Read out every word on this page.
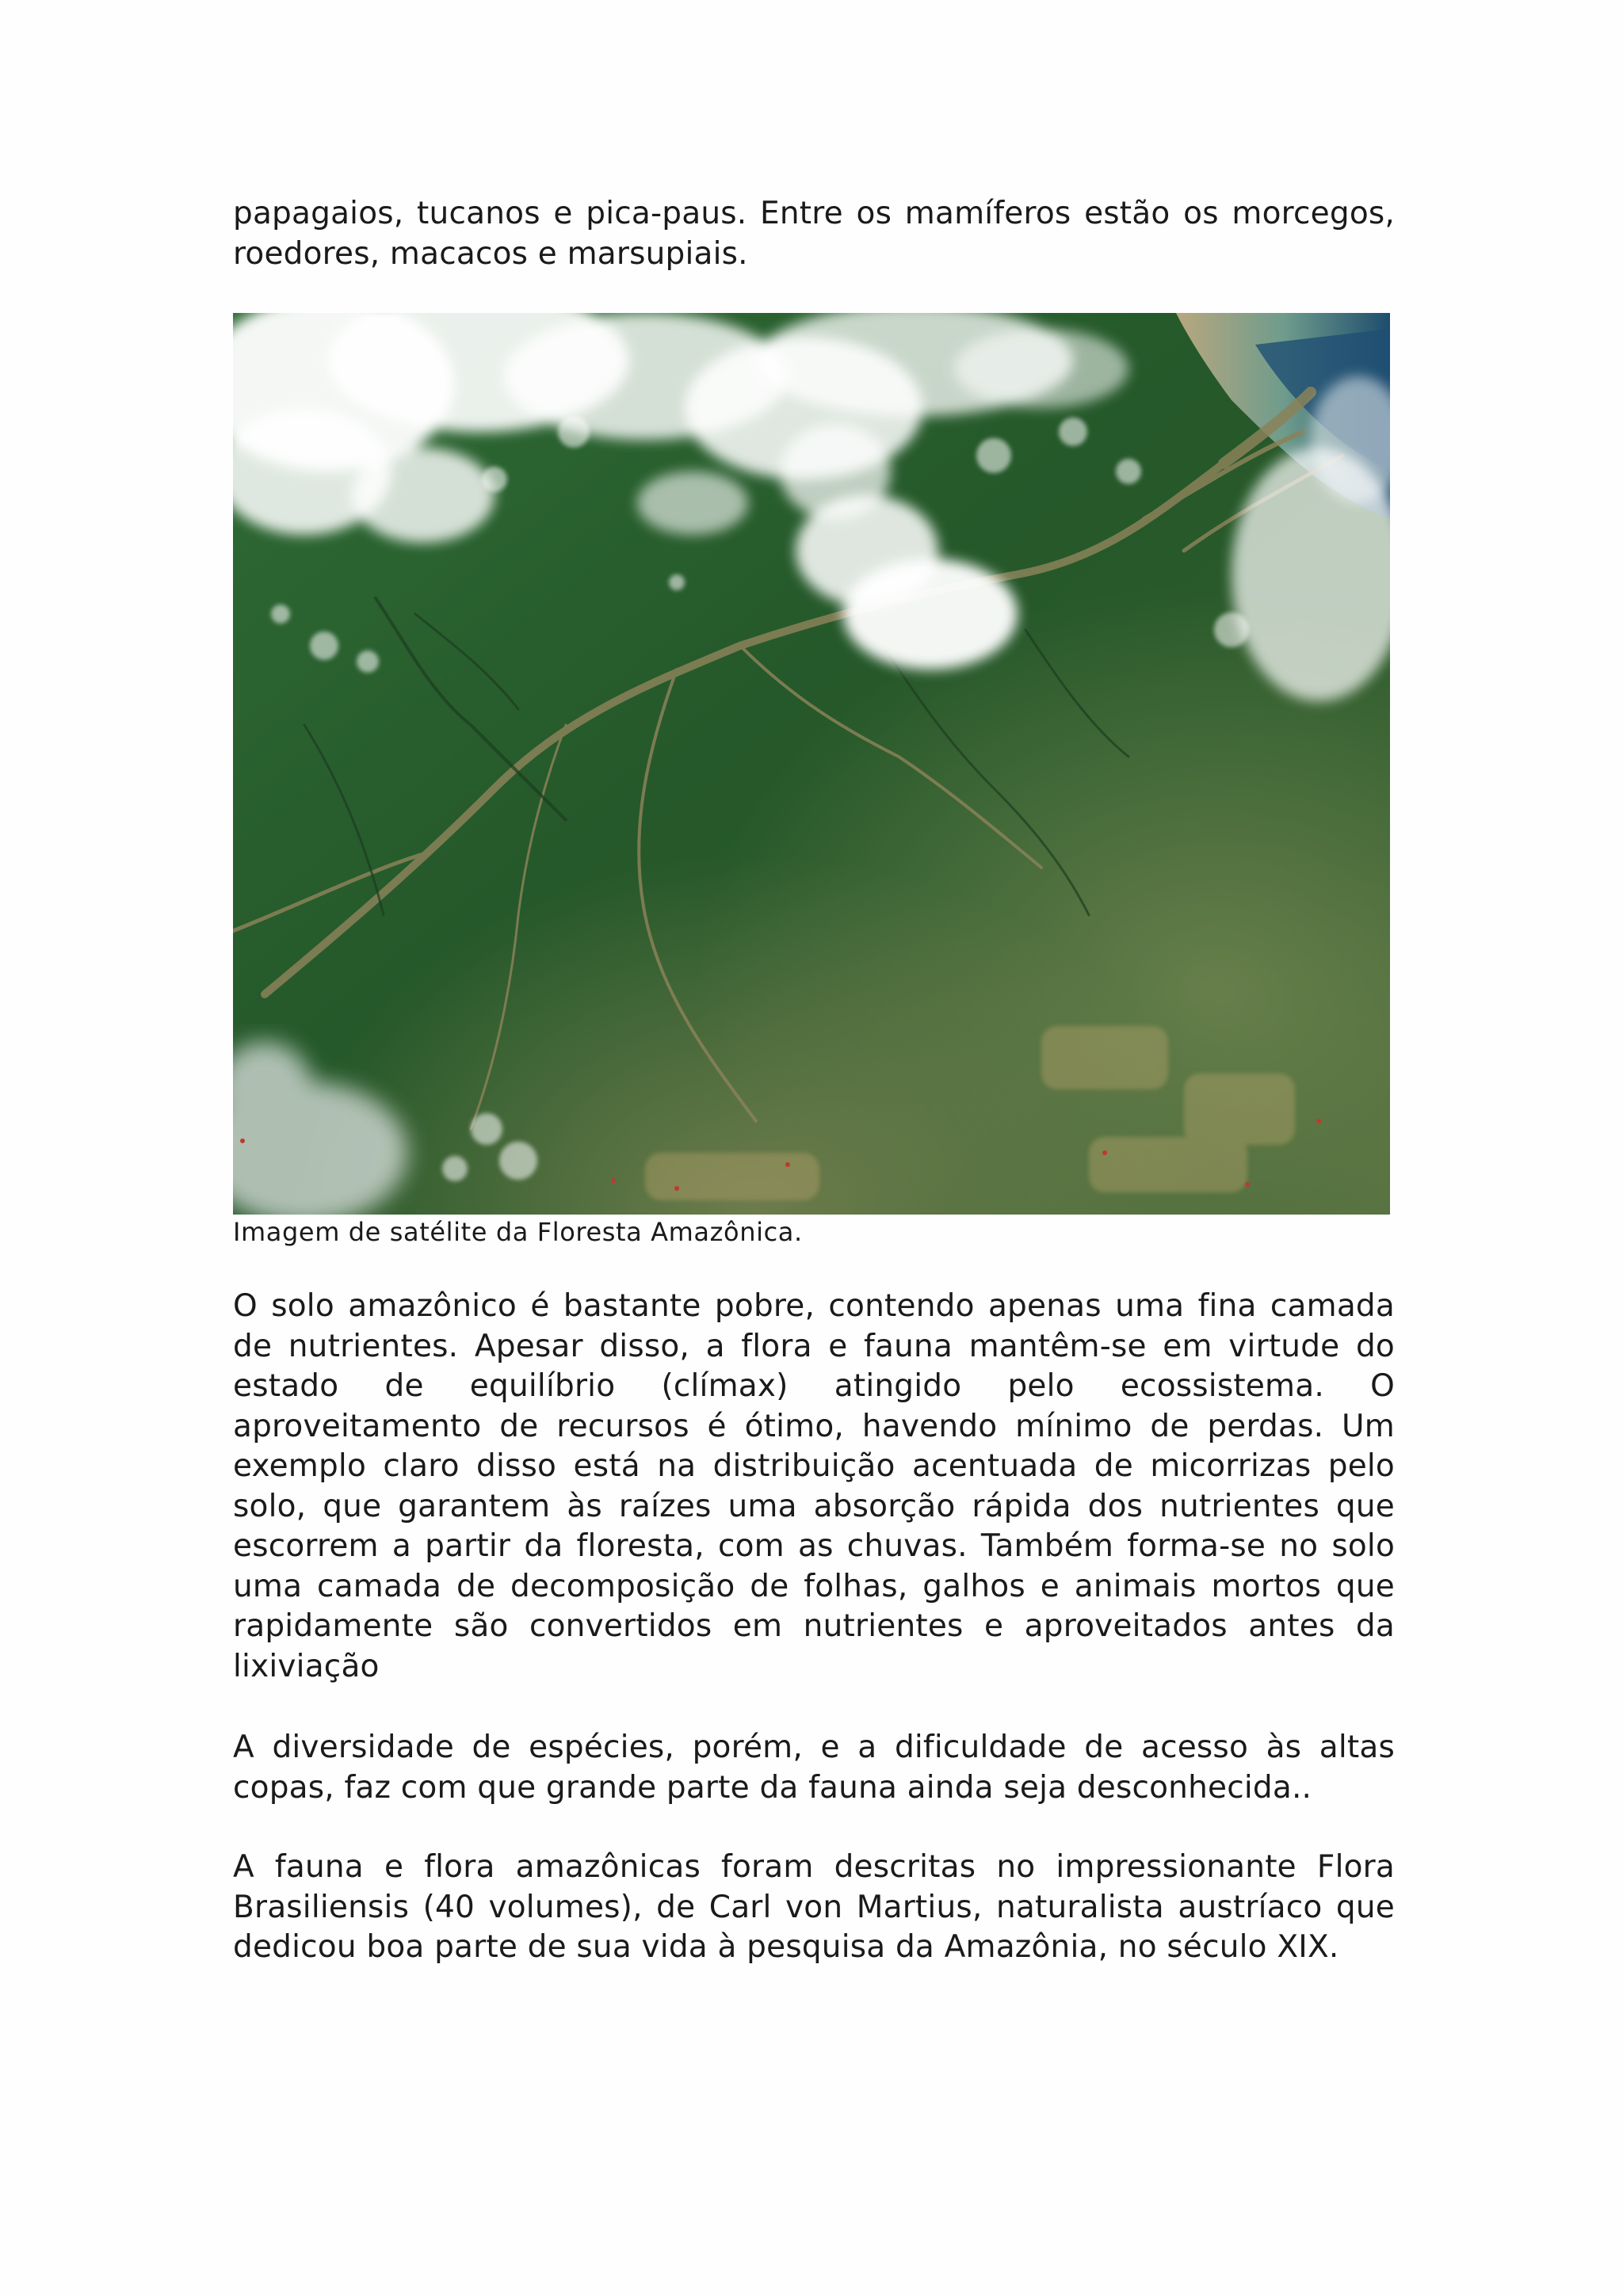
papagaios, tucanos e pica-paus. Entre os mamíferos estão os morcegos, roedores, macacos e marsupiais.

Imagem de satélite da Floresta Amazônica.

O solo amazônico é bastante pobre, contendo apenas uma fina camada de nutrientes. Apesar disso, a flora e fauna mantêm-se em virtude do estado de equilíbrio (clímax) atingido pelo ecossistema. O aproveitamento de recursos é ótimo, havendo mínimo de perdas. Um exemplo claro disso está na distribuição acentuada de micorrizas pelo solo, que garantem às raízes uma absorção rápida dos nutrientes que escorrem a partir da floresta, com as chuvas. Também forma-se no solo uma camada de decomposição de folhas, galhos e animais mortos que rapidamente são convertidos em nutrientes e aproveitados antes da lixiviação

A diversidade de espécies, porém, e a dificuldade de acesso às altas copas, faz com que grande parte da fauna ainda seja desconhecida..

A fauna e flora amazônicas foram descritas no impressionante Flora Brasiliensis (40 volumes), de Carl von Martius, naturalista austríaco que dedicou boa parte de sua vida à pesquisa da Amazônia, no século XIX.
